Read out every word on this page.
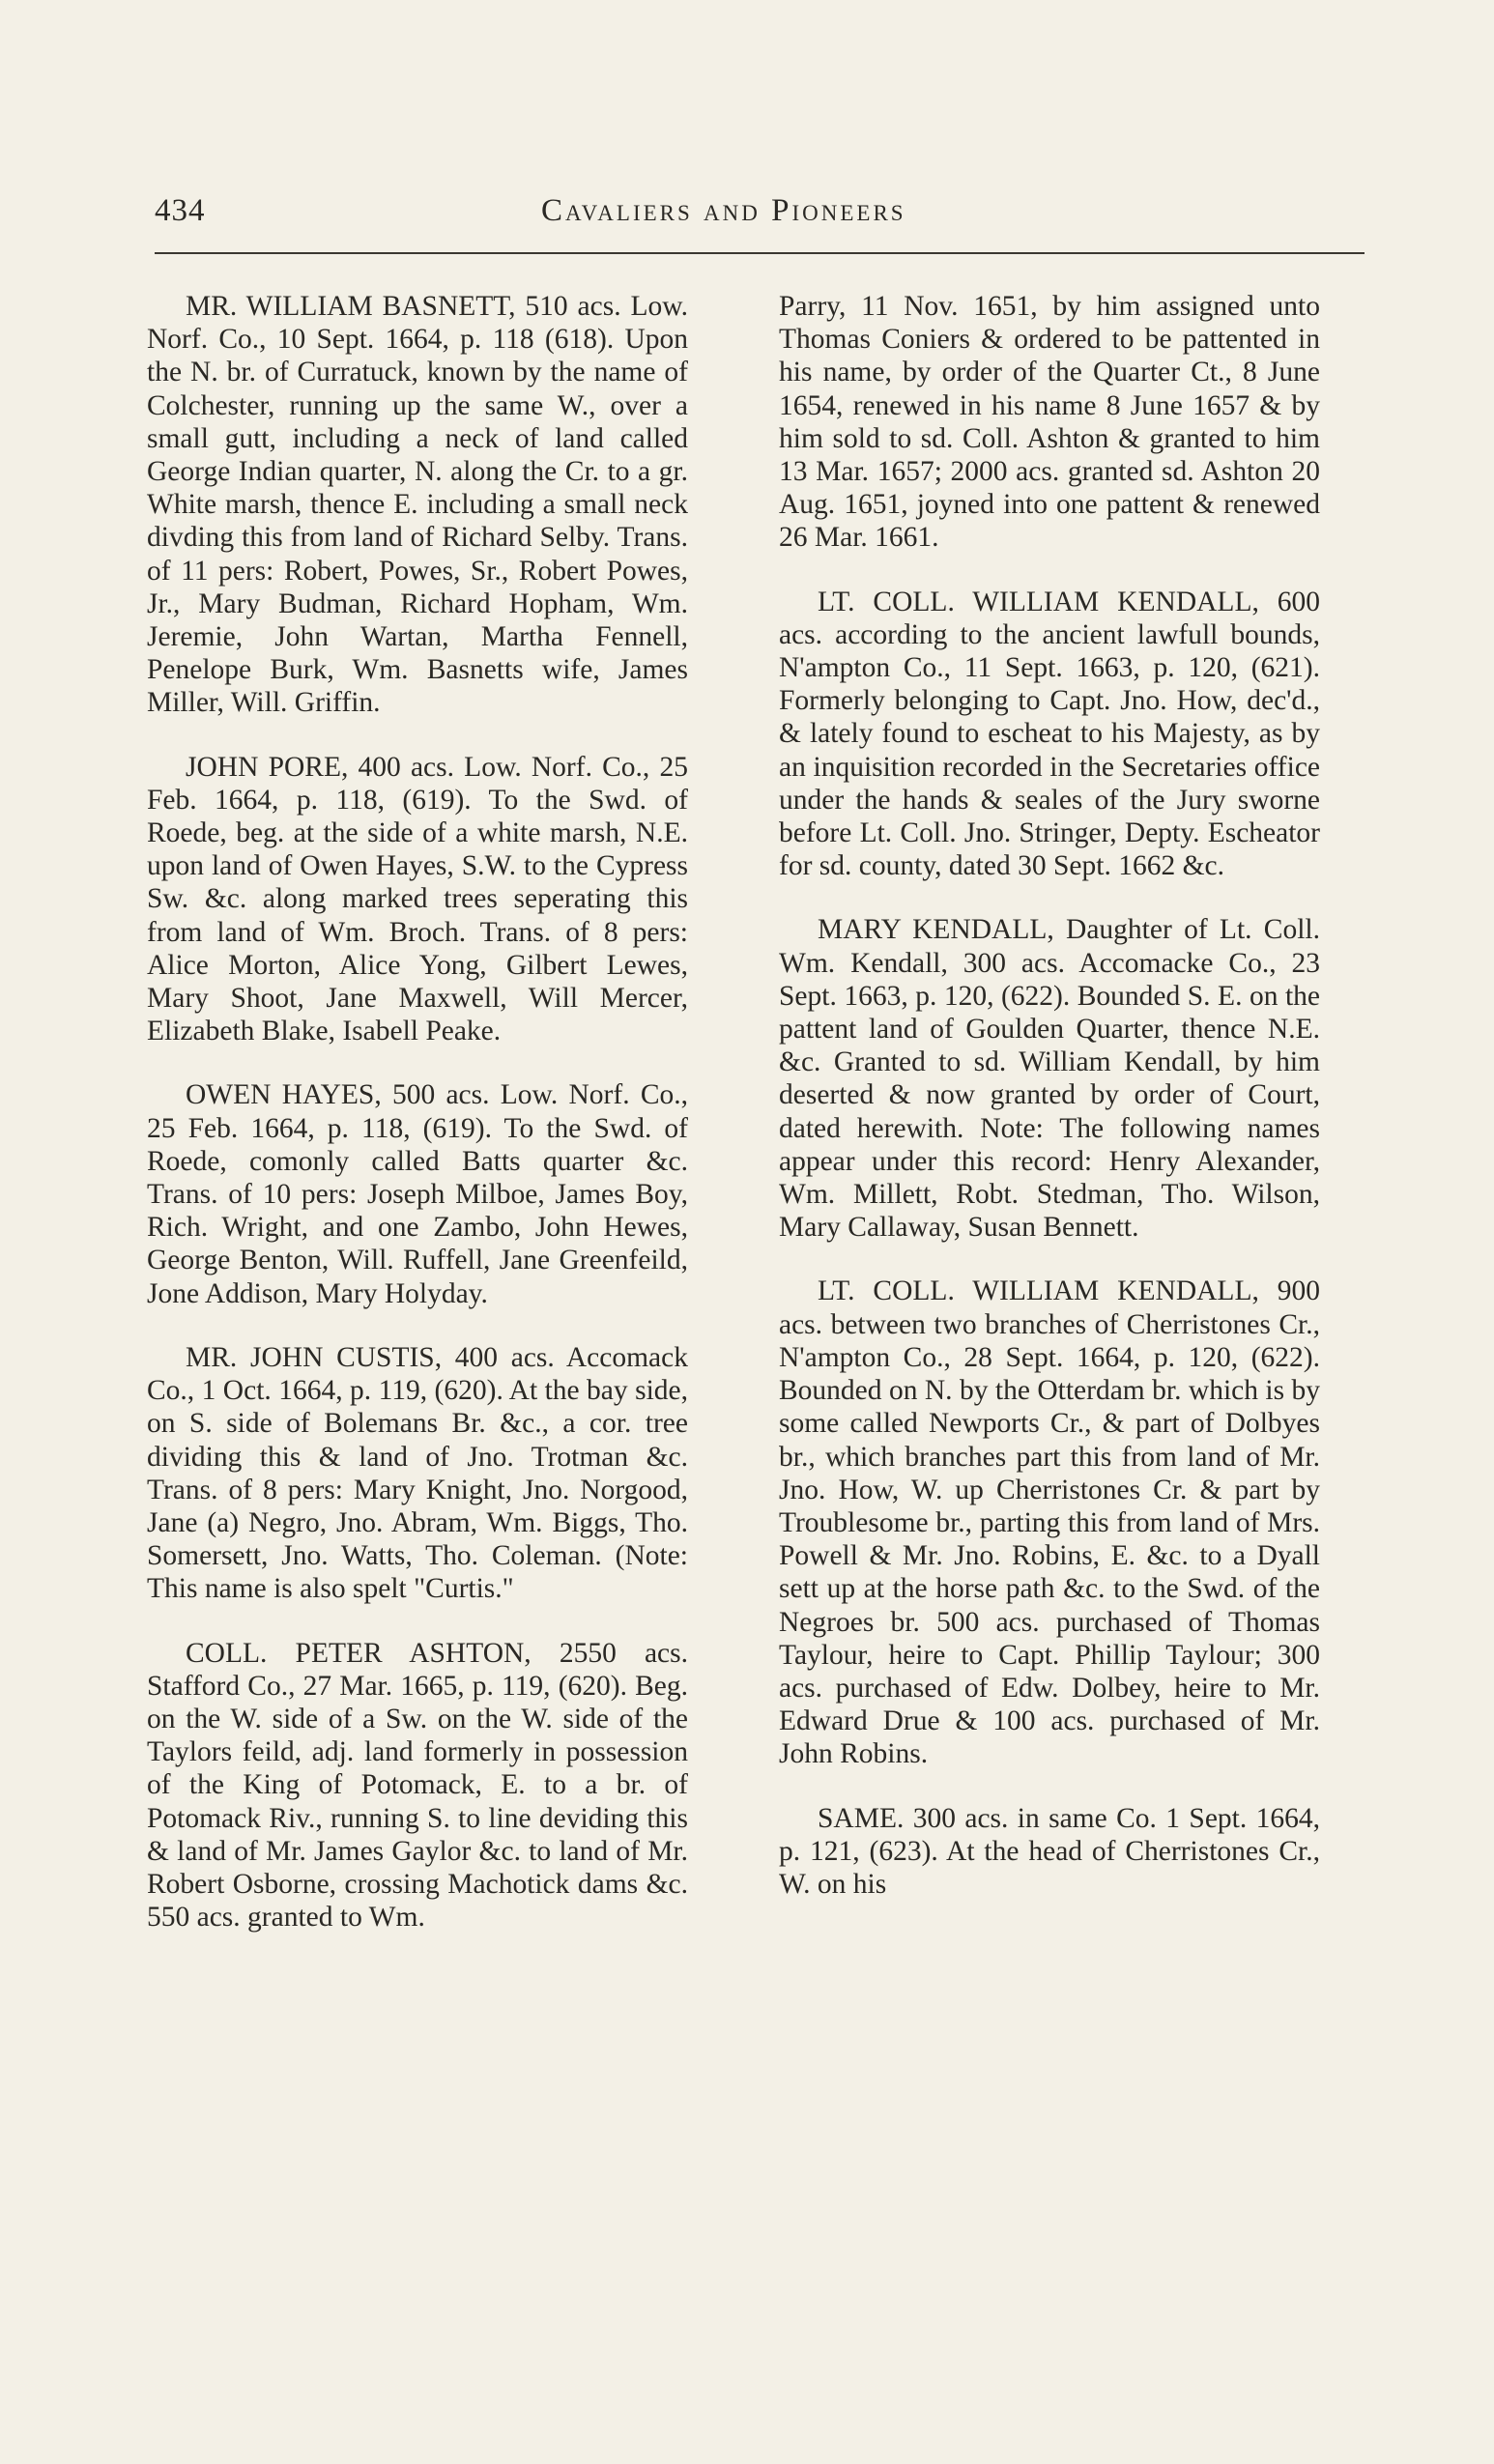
434	Cavaliers and Pioneers

MR. WILLIAM BASNETT, 510 acs. Low. Norf. Co., 10 Sept. 1664, p. 118 (618). Upon the N. br. of Curratuck, known by the name of Colchester, running up the same W., over a small gutt, including a neck of land called George Indian quarter, N. along the Cr. to a gr. White marsh, thence E. including a small neck divding this from land of Richard Selby. Trans. of 11 pers: Robert, Powes, Sr., Robert Powes, Jr., Mary Budman, Richard Hopham, Wm. Jeremie, John Wartan, Martha Fennell, Penelope Burk, Wm. Basnetts wife, James Miller, Will. Griffin.

JOHN PORE, 400 acs. Low. Norf. Co., 25 Feb. 1664, p. 118, (619). To the Swd. of Roede, beg. at the side of a white marsh, N.E. upon land of Owen Hayes, S.W. to the Cypress Sw. &c. along marked trees seperating this from land of Wm. Broch. Trans. of 8 pers: Alice Morton, Alice Yong, Gilbert Lewes, Mary Shoot, Jane Maxwell, Will Mercer, Elizabeth Blake, Isabell Peake.

OWEN HAYES, 500 acs. Low. Norf. Co., 25 Feb. 1664, p. 118, (619). To the Swd. of Roede, comonly called Batts quarter &c. Trans. of 10 pers: Joseph Milboe, James Boy, Rich. Wright, and one Zambo, John Hewes, George Benton, Will. Ruffell, Jane Greenfeild, Jone Addison, Mary Holyday.

MR. JOHN CUSTIS, 400 acs. Accomack Co., 1 Oct. 1664, p. 119, (620). At the bay side, on S. side of Bolemans Br. &c., a cor. tree dividing this & land of Jno. Trotman &c. Trans. of 8 pers: Mary Knight, Jno. Norgood, Jane (a) Negro, Jno. Abram, Wm. Biggs, Tho. Somersett, Jno. Watts, Tho. Coleman. (Note: This name is also spelt "Curtis."

COLL. PETER ASHTON, 2550 acs. Stafford Co., 27 Mar. 1665, p. 119, (620). Beg. on the W. side of a Sw. on the W. side of the Taylors feild, adj. land formerly in possession of the King of Potomack, E. to a br. of Potomack Riv., running S. to line deviding this & land of Mr. James Gaylor &c. to land of Mr. Robert Osborne, crossing Machotick dams &c. 550 acs. granted to Wm.

Parry, 11 Nov. 1651, by him assigned unto Thomas Coniers & ordered to be pattented in his name, by order of the Quarter Ct., 8 June 1654, renewed in his name 8 June 1657 & by him sold to sd. Coll. Ashton & granted to him 13 Mar. 1657; 2000 acs. granted sd. Ashton 20 Aug. 1651, joyned into one pattent & renewed 26 Mar. 1661.

LT. COLL. WILLIAM KENDALL, 600 acs. according to the ancient lawfull bounds, N'ampton Co., 11 Sept. 1663, p. 120, (621). Formerly belonging to Capt. Jno. How, dec'd., & lately found to escheat to his Majesty, as by an inquisition recorded in the Secretaries office under the hands & seales of the Jury sworne before Lt. Coll. Jno. Stringer, Depty. Escheator for sd. county, dated 30 Sept. 1662 &c.

MARY KENDALL, Daughter of Lt. Coll. Wm. Kendall, 300 acs. Accomacke Co., 23 Sept. 1663, p. 120, (622). Bounded S. E. on the pattent land of Goulden Quarter, thence N.E. &c. Granted to sd. William Kendall, by him deserted & now granted by order of Court, dated herewith. Note: The following names appear under this record: Henry Alexander, Wm. Millett, Robt. Stedman, Tho. Wilson, Mary Callaway, Susan Bennett.

LT. COLL. WILLIAM KENDALL, 900 acs. between two branches of Cherristones Cr., N'ampton Co., 28 Sept. 1664, p. 120, (622). Bounded on N. by the Otterdam br. which is by some called Newports Cr., & part of Dolbyes br., which branches part this from land of Mr. Jno. How, W. up Cherristones Cr. & part by Troublesome br., parting this from land of Mrs. Powell & Mr. Jno. Robins, E. &c. to a Dyall sett up at the horse path &c. to the Swd. of the Negroes br. 500 acs. purchased of Thomas Taylour, heire to Capt. Phillip Taylour; 300 acs. purchased of Edw. Dolbey, heire to Mr. Edward Drue & 100 acs. purchased of Mr. John Robins.

SAME. 300 acs. in same Co. 1 Sept. 1664, p. 121, (623). At the head of Cherristones Cr., W. on his
